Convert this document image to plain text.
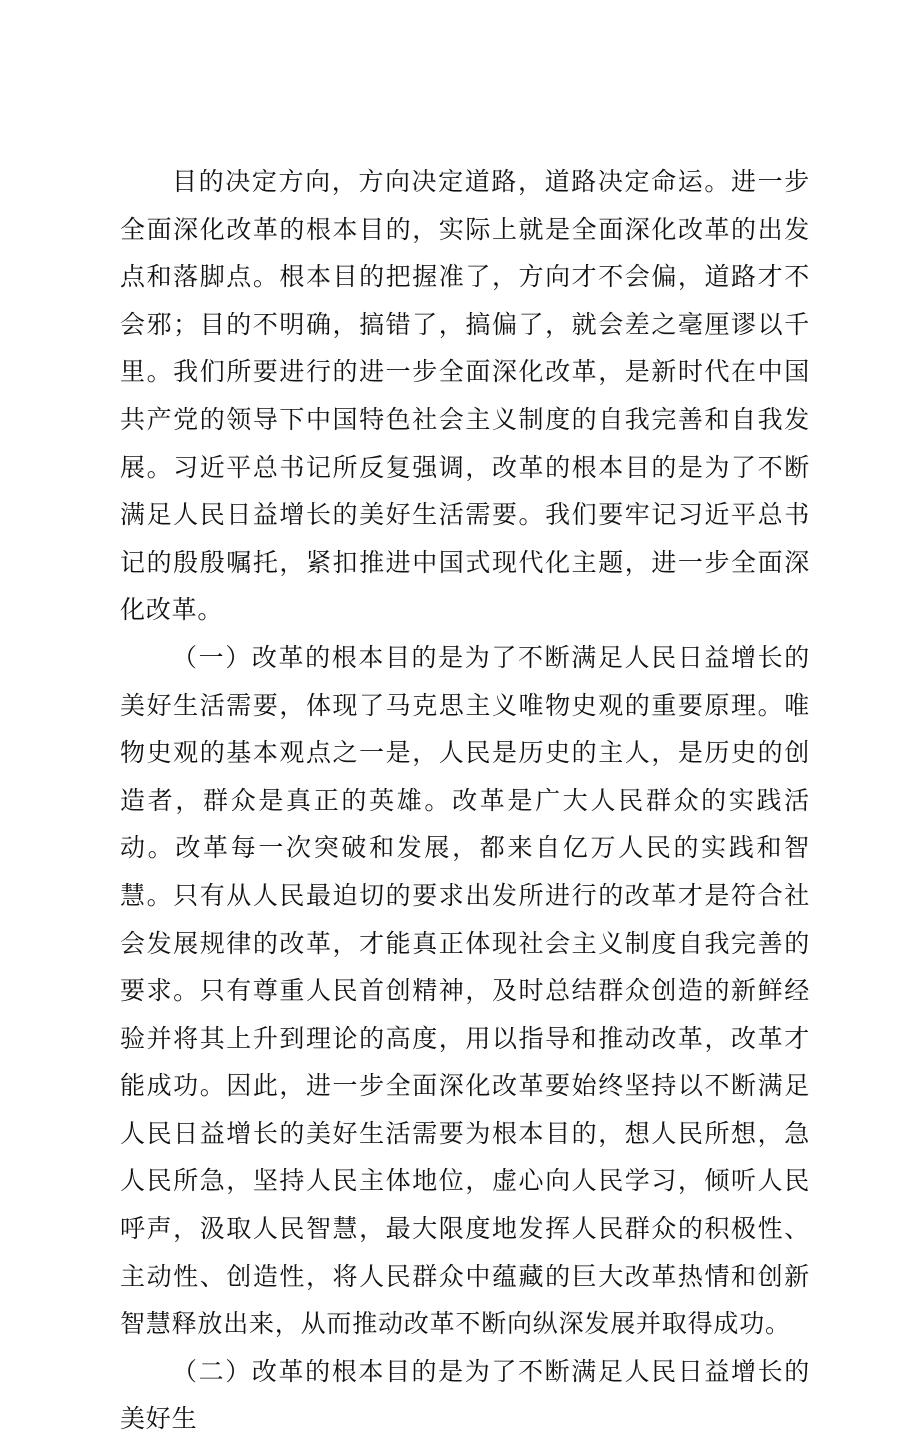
目的决定方向，方向决定道路，道路决定命运。进一步全面深化改革的根本目的，实际上就是全面深化改革的出发点和落脚点。根本目的把握准了，方向才不会偏，道路才不会邪；目的不明确，搞错了，搞偏了，就会差之毫厘谬以千里。我们所要进行的进一步全面深化改革，是新时代在中国共产党的领导下中国特色社会主义制度的自我完善和自我发展。习近平总书记所反复强调，改革的根本目的是为了不断满足人民日益增长的美好生活需要。我们要牢记习近平总书记的殷殷嘱托，紧扣推进中国式现代化主题，进一步全面深化改革。

（一）改革的根本目的是为了不断满足人民日益增长的美好生活需要，体现了马克思主义唯物史观的重要原理。唯物史观的基本观点之一是，人民是历史的主人，是历史的创造者，群众是真正的英雄。改革是广大人民群众的实践活动。改革每一次突破和发展，都来自亿万人民的实践和智慧。只有从人民最迫切的要求出发所进行的改革才是符合社会发展规律的改革，才能真正体现社会主义制度自我完善的要求。只有尊重人民首创精神，及时总结群众创造的新鲜经验并将其上升到理论的高度，用以指导和推动改革，改革才能成功。因此，进一步全面深化改革要始终坚持以不断满足人民日益增长的美好生活需要为根本目的，想人民所想，急人民所急，坚持人民主体地位，虚心向人民学习，倾听人民呼声，汲取人民智慧，最大限度地发挥人民群众的积极性、主动性、创造性，将人民群众中蕴藏的巨大改革热情和创新智慧释放出来，从而推动改革不断向纵深发展并取得成功。

（二）改革的根本目的是为了不断满足人民日益增长的美好生
